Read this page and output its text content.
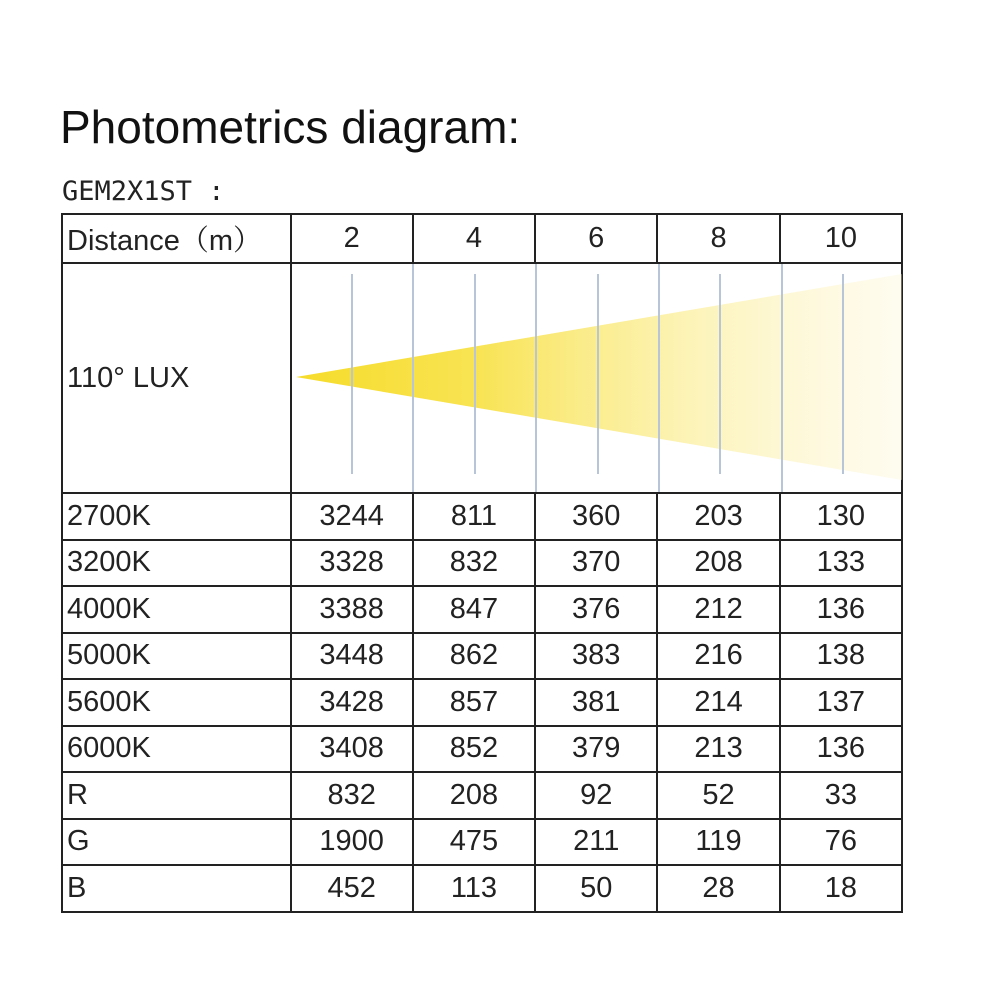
Photometrics diagram:
GEM2X1ST :
Distance（m）	2	4	6	8	10
110° LUX	

2700K	3244	811	360	203	130
3200K	3328	832	370	208	133
4000K	3388	847	376	212	136
5000K	3448	862	383	216	138
5600K	3428	857	381	214	137
6000K	3408	852	379	213	136
R	832	208	92	52	33
G	1900	475	211	119	76
B	452	113	50	28	18
